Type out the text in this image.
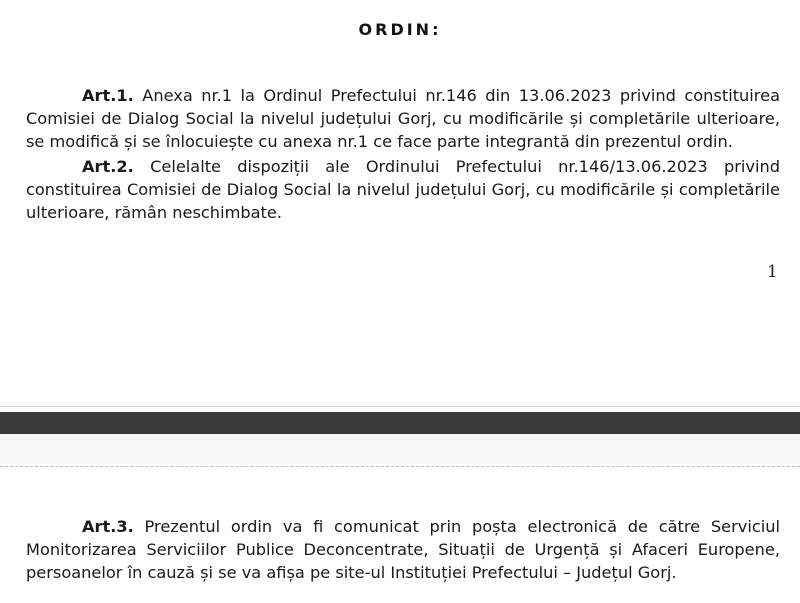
ORDIN:
Art.1. Anexa nr.1 la Ordinul Prefectului nr.146 din 13.06.2023 privind constituirea Comisiei de Dialog Social la nivelul județului Gorj, cu modificările și completările ulterioare, se modifică și se înlocuiește cu anexa nr.1 ce face parte integrantă din prezentul ordin.
Art.2. Celelalte dispoziții ale Ordinului Prefectului nr.146/13.06.2023 privind constituirea Comisiei de Dialog Social la nivelul județului Gorj, cu modificările și completările ulterioare, rămân neschimbate.
1
Art.3. Prezentul ordin va fi comunicat prin poșta electronică de către Serviciul Monitorizarea Serviciilor Publice Deconcentrate, Situații de Urgență și Afaceri Europene, persoanelor în cauză și se va afișa pe site-ul Instituției Prefectului – Județul Gorj.
